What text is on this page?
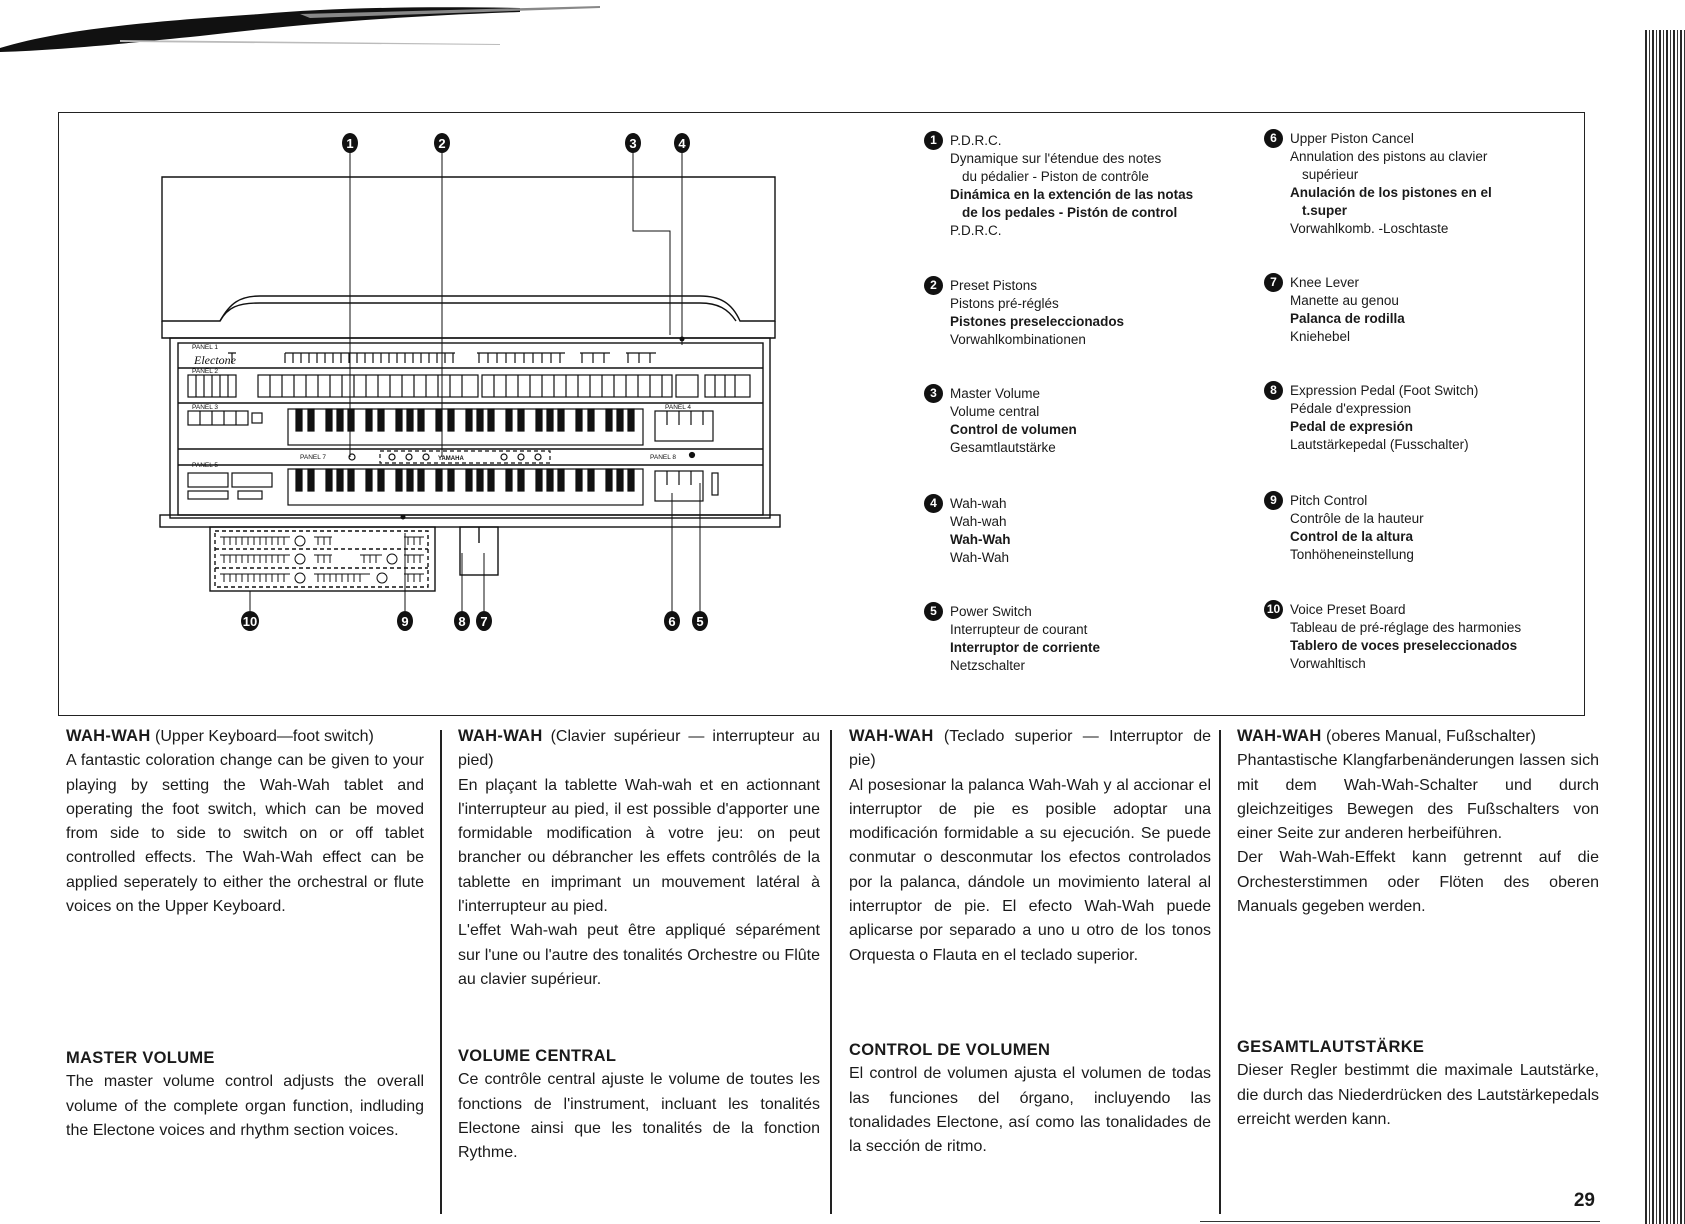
PANEL 1
PANEL 2
PANEL 3	PANEL 4
PANEL 5
PANEL 7	PANEL 8
YAMAHA
Electone
1	2	3	4
10	9	8 7	6 5
1 P.D.R.C.
Dynamique sur l'étendue des notes
du pédalier - Piston de contrôle
Dinámica en la extención de las notas
de los pedales - Pistón de control
P.D.R.C.
2 Preset Pistons
Pistons pré-réglés
Pistones preseleccionados
Vorwahlkombinationen
3 Master Volume
Volume central
Control de volumen
Gesamtlautstärke
4 Wah-wah
Wah-wah
Wah-Wah
Wah-Wah
5 Power Switch
Interrupteur de courant
Interruptor de corriente
Netzschalter
6 Upper Piston Cancel
Annulation des pistons au clavier
supérieur
Anulación de los pistones en el
t.super
Vorwahlkomb. -Loschtaste
7 Knee Lever
Manette au genou
Palanca de rodilla
Kniehebel
8 Expression Pedal (Foot Switch)
Pédale d'expression
Pedal de expresión
Lautstärkepedal (Fusschalter)
9 Pitch Control
Contrôle de la hauteur
Control de la altura
Tonhöheneinstellung
10 Voice Preset Board
Tableau de pré-réglage des harmonies
Tablero de voces preseleccionados
Vorwahltisch

WAH-WAH (Upper Keyboard—foot switch)

A fantastic coloration change can be given to your playing by setting the Wah-Wah tablet and operating the foot switch, which can be moved from side to side to switch on or off tablet controlled effects. The Wah-Wah effect can be applied seperately to either the orchestral or flute voices on the Upper Keyboard.

MASTER VOLUME

The master volume control adjusts the overall volume of the complete organ function, indluding the Electone voices and rhythm section voices.

WAH-WAH (Clavier supérieur — interrupteur au pied)

En plaçant la tablette Wah-wah et en actionnant l'interrupteur au pied, il est possible d'apporter une formidable modification à votre jeu: on peut brancher ou débrancher les effets contrôlés de la tablette en imprimant un mouvement latéral à l'interrupteur au pied.

L'effet Wah-wah peut être appliqué séparément sur l'une ou l'autre des tonalités Orchestre ou Flûte au clavier supérieur.

VOLUME CENTRAL

Ce contrôle central ajuste le volume de toutes les fonctions de l'instrument, incluant les tonalités Electone ainsi que les tonalités de la fonction Rythme.

WAH-WAH (Teclado superior — Interruptor de pie)

Al posesionar la palanca Wah-Wah y al accionar el interruptor de pie es posible adoptar una modificación formidable a su ejecución. Se puede conmutar o desconmutar los efectos controlados por la palanca, dándole un movimiento lateral al interruptor de pie. El efecto Wah-Wah puede aplicarse por separado a uno u otro de los tonos Orquesta o Flauta en el teclado superior.

CONTROL DE VOLUMEN

El control de volumen ajusta el volumen de todas las funciones del órgano, incluyendo las tonalidades Electone, así como las tonalidades de la sección de ritmo.

WAH-WAH (oberes Manual, Fußschalter)

Phantastische Klangfarbenänderungen lassen sich mit dem Wah-Wah-Schalter und durch gleichzeitiges Bewegen des Fußschalters von einer Seite zur anderen herbeiführen.

Der Wah-Wah-Effekt kann getrennt auf die Orchesterstimmen oder Flöten des oberen Manuals gegeben werden.

GESAMTLAUTSTÄRKE

Dieser Regler bestimmt die maximale Lautstärke, die durch das Niederdrücken des Lautstärkepedals erreicht werden kann.

29
